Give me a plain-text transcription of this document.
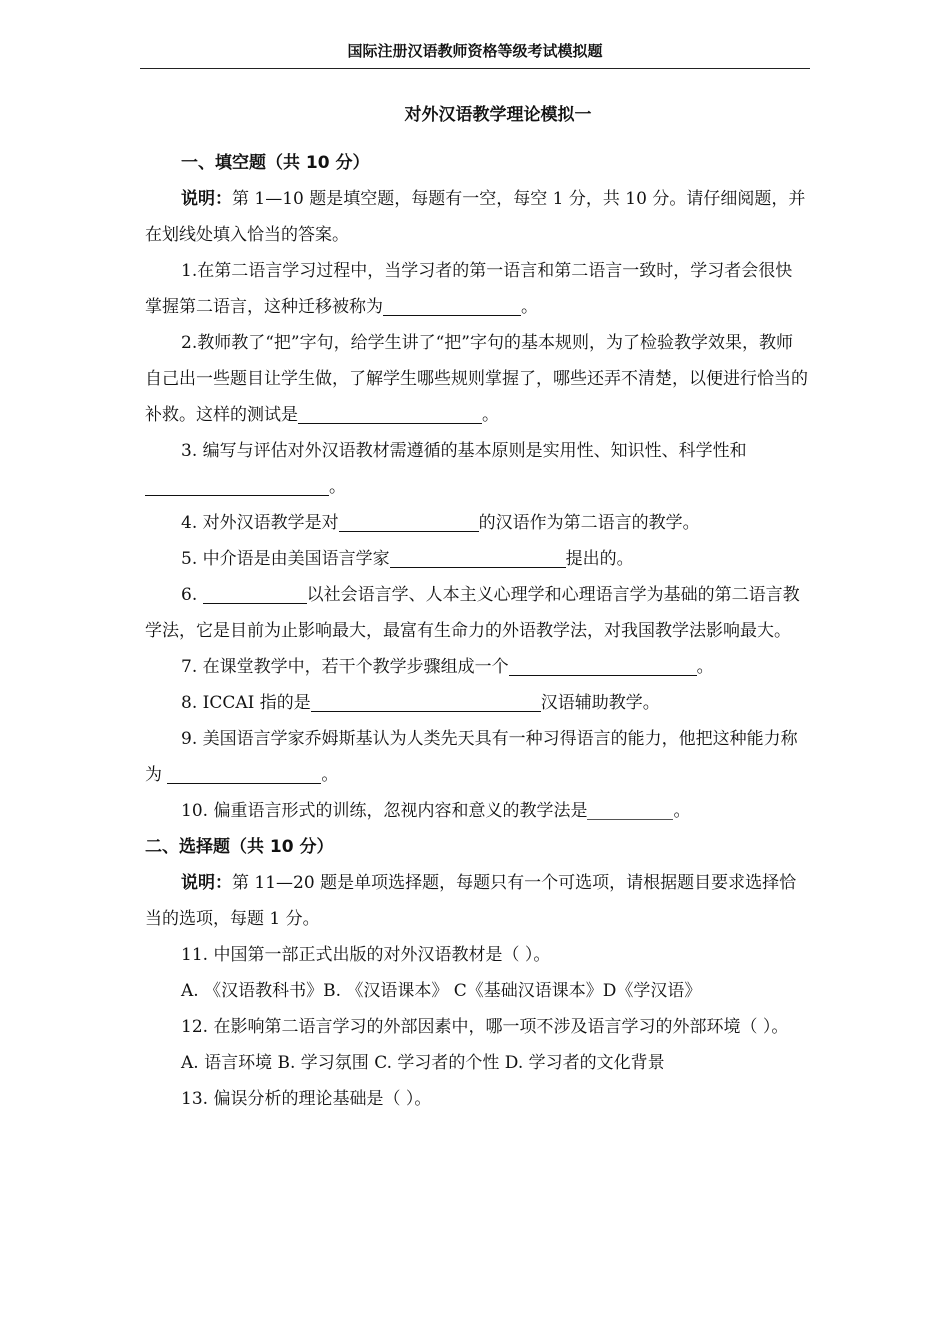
国际注册汉语教师资格等级考试模拟题
对外汉语教学理论模拟一

一、填空题（共 10 分）

说明：第 1—10 题是填空题，每题有一空，每空 1 分，共 10 分。请仔细阅题，并在划线处填入恰当的答案。

1.在第二语言学习过程中，当学习者的第一语言和第二语言一致时，学习者会很快掌握第二语言，这种迁移被称为	。

2.教师教了“把”字句，给学生讲了“把”字句的基本规则，为了检验教学效果，教师自己出一些题目让学生做，了解学生哪些规则掌握了，哪些还弄不清楚，以便进行恰当的补救。这样的测试是	。

3. 编写与评估对外汉语教材需遵循的基本原则是实用性、知识性、科学性和。

4. 对外汉语教学是对	的汉语作为第二语言的教学。

5. 中介语是由美国语言学家	提出的。

6.	以社会语言学、人本主义心理学和心理语言学为基础的第二语言教学法，它是目前为止影响最大，最富有生命力的外语教学法，对我国教学法影响最大。

7. 在课堂教学中，若干个教学步骤组成一个	。

8. ICCAI 指的是	汉语辅助教学。

9. 美国语言学家乔姆斯基认为人类先天具有一种习得语言的能力，他把这种能力称为	。

10. 偏重语言形式的训练，忽视内容和意义的教学法是	。

二、选择题（共 10 分）

说明：第 11—20 题是单项选择题，每题只有一个可选项，请根据题目要求选择恰当的选项，每题 1 分。

11. 中国第一部正式出版的对外汉语教材是（ ）。

A. 《汉语教科书》B. 《汉语课本》 C《基础汉语课本》D《学汉语》

12. 在影响第二语言学习的外部因素中，哪一项不涉及语言学习的外部环境（ ）。

A. 语言环境 B. 学习氛围 C. 学习者的个性 D. 学习者的文化背景

13. 偏误分析的理论基础是（ ）。
